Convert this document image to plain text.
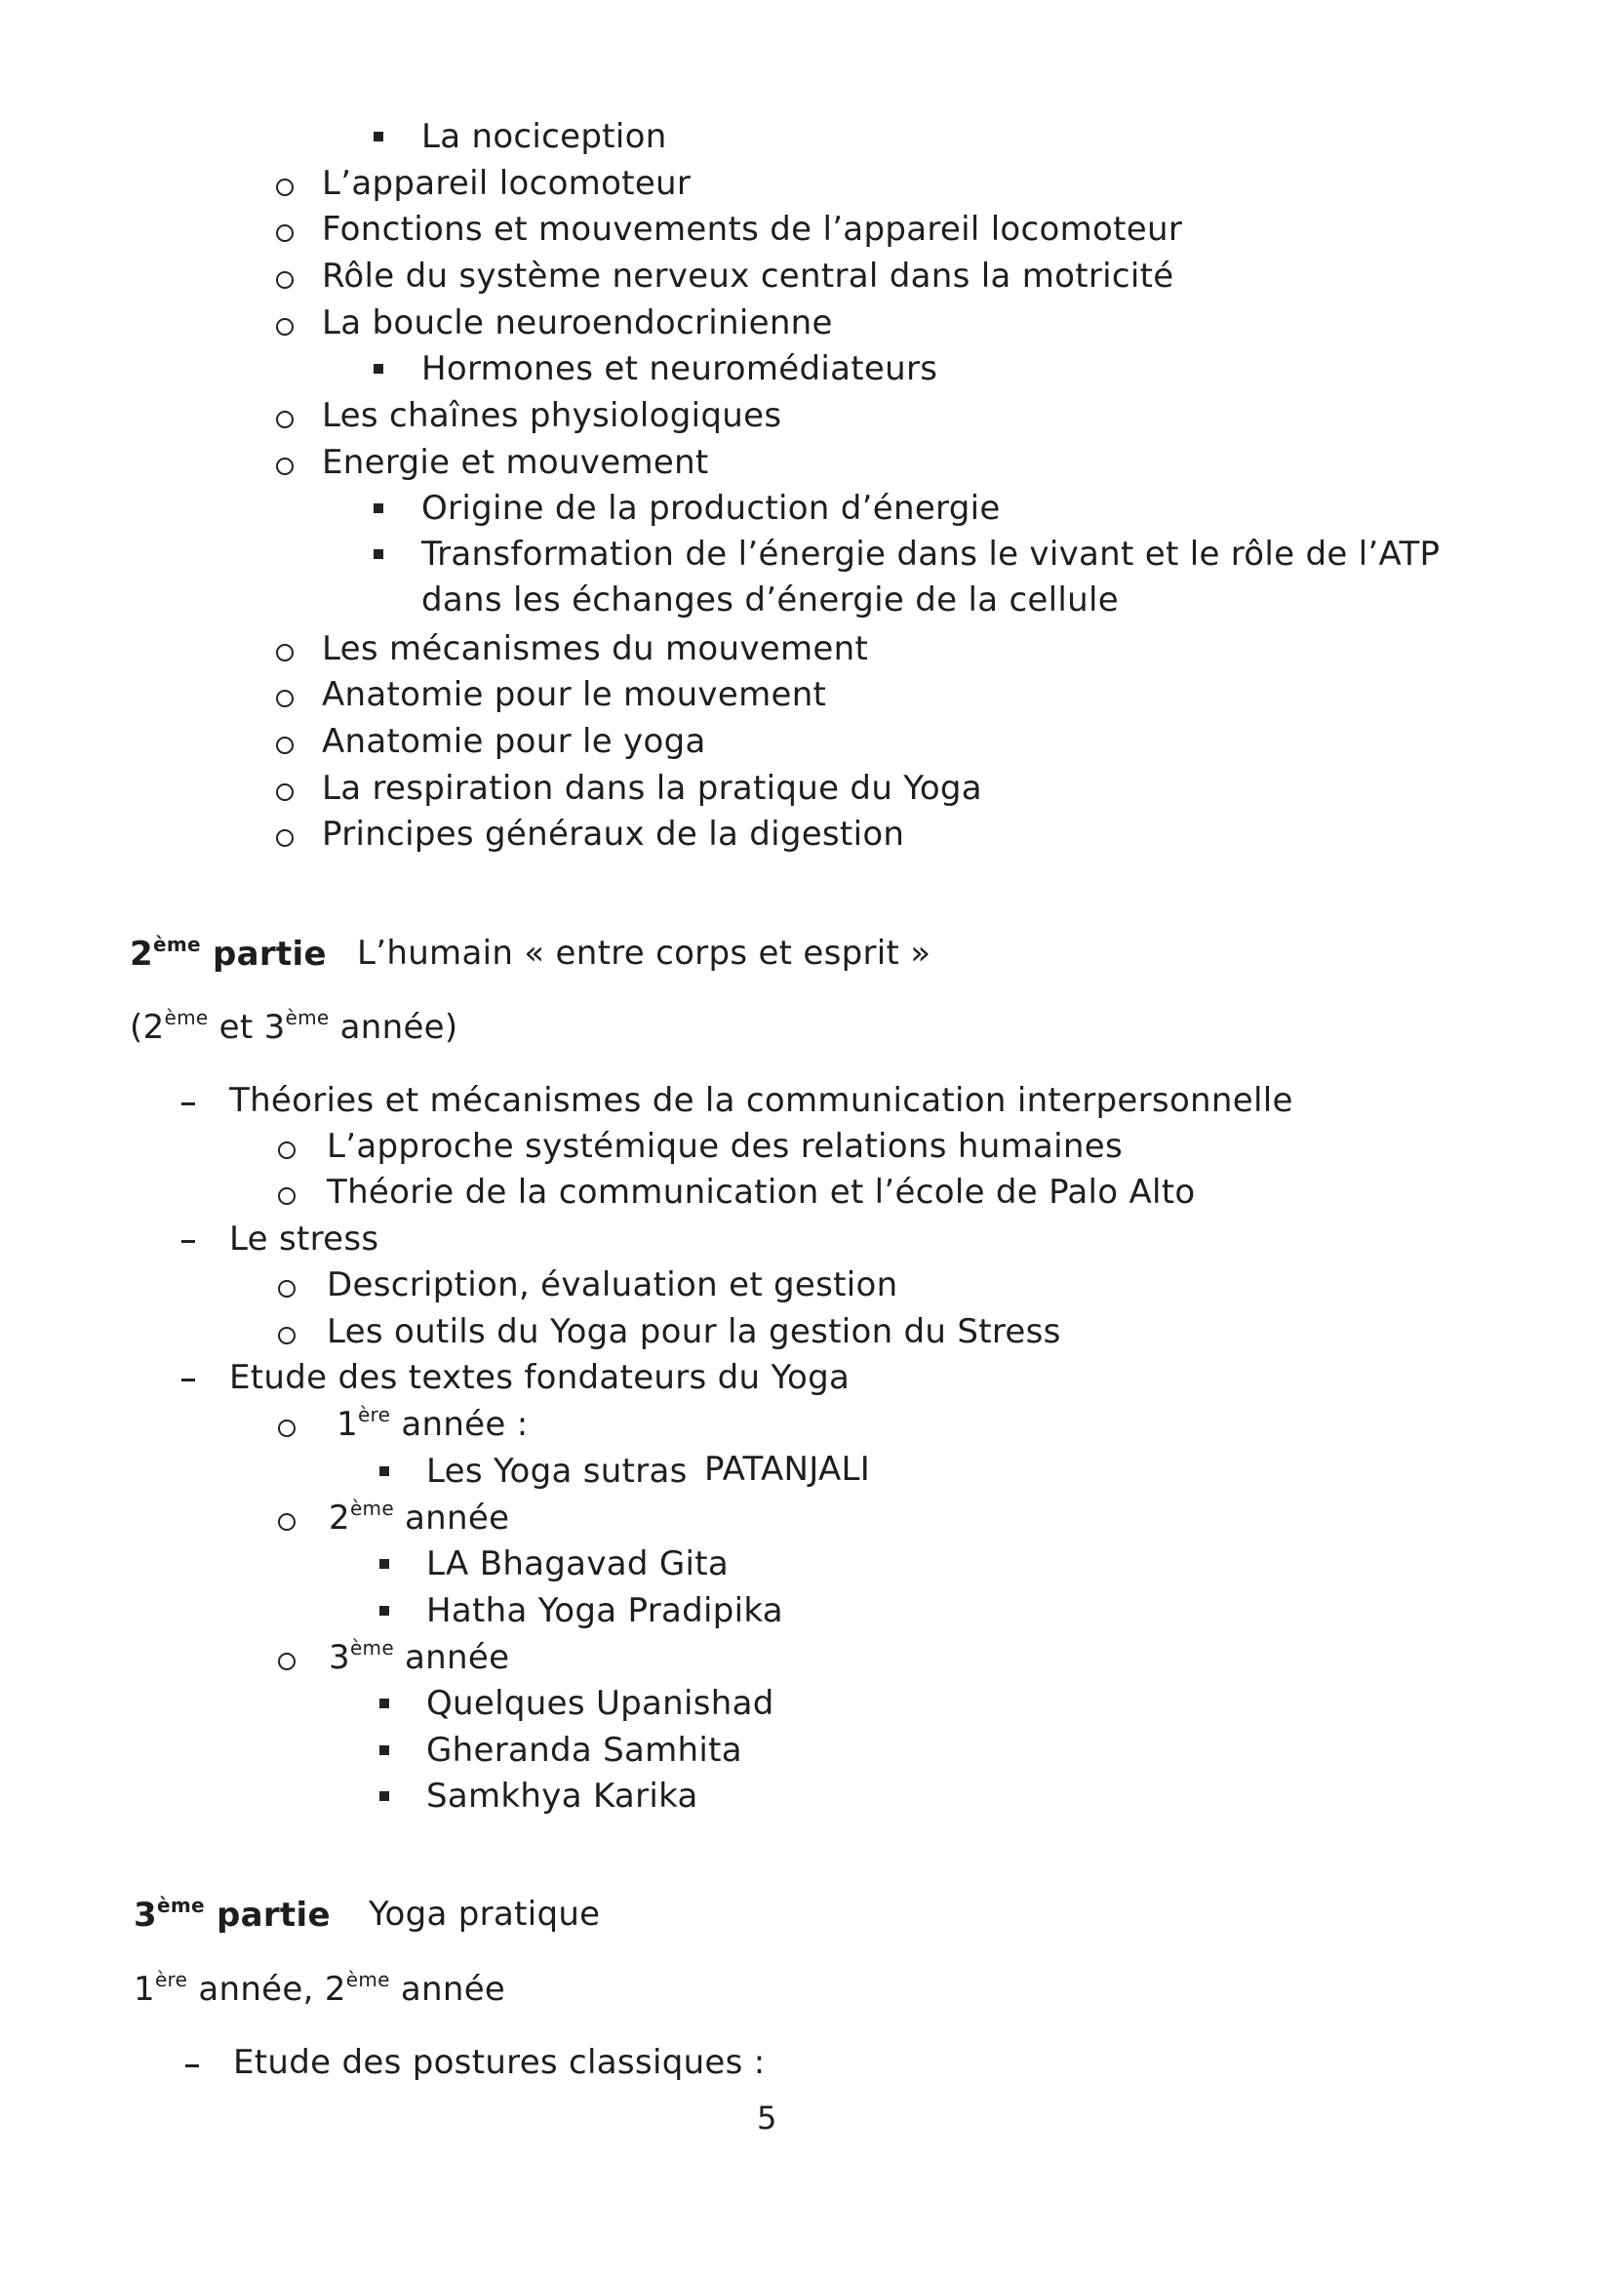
La nociception
L’appareil locomoteur
Fonctions et mouvements de l’appareil locomoteur
Rôle du système nerveux central dans la motricité
La boucle neuroendocrinienne
Hormones et neuromédiateurs
Les chaînes physiologiques
Energie et mouvement
Origine de la production d’énergie
Transformation de l’énergie dans le vivant et le rôle de l’ATP
dans les échanges d’énergie de la cellule
Les mécanismes du mouvement
Anatomie pour le mouvement
Anatomie pour le yoga
La respiration dans la pratique du Yoga
Principes généraux de la digestion
2ème partie L’humain « entre corps et esprit »
(2ème et 3ème année)
Théories et mécanismes de la communication interpersonnelle
L’approche systémique des relations humaines
Théorie de la communication et l’école de Palo Alto
Le stress
Description, évaluation et gestion
Les outils du Yoga pour la gestion du Stress
Etude des textes fondateurs du Yoga
1ère année :
Les Yoga sutras PATANJALI
2ème année
LA Bhagavad Gita
Hatha Yoga Pradipika
3ème année
Quelques Upanishad
Gheranda Samhita
Samkhya Karika
3ème partie Yoga pratique
1ère année, 2ème année
Etude des postures classiques :
5
